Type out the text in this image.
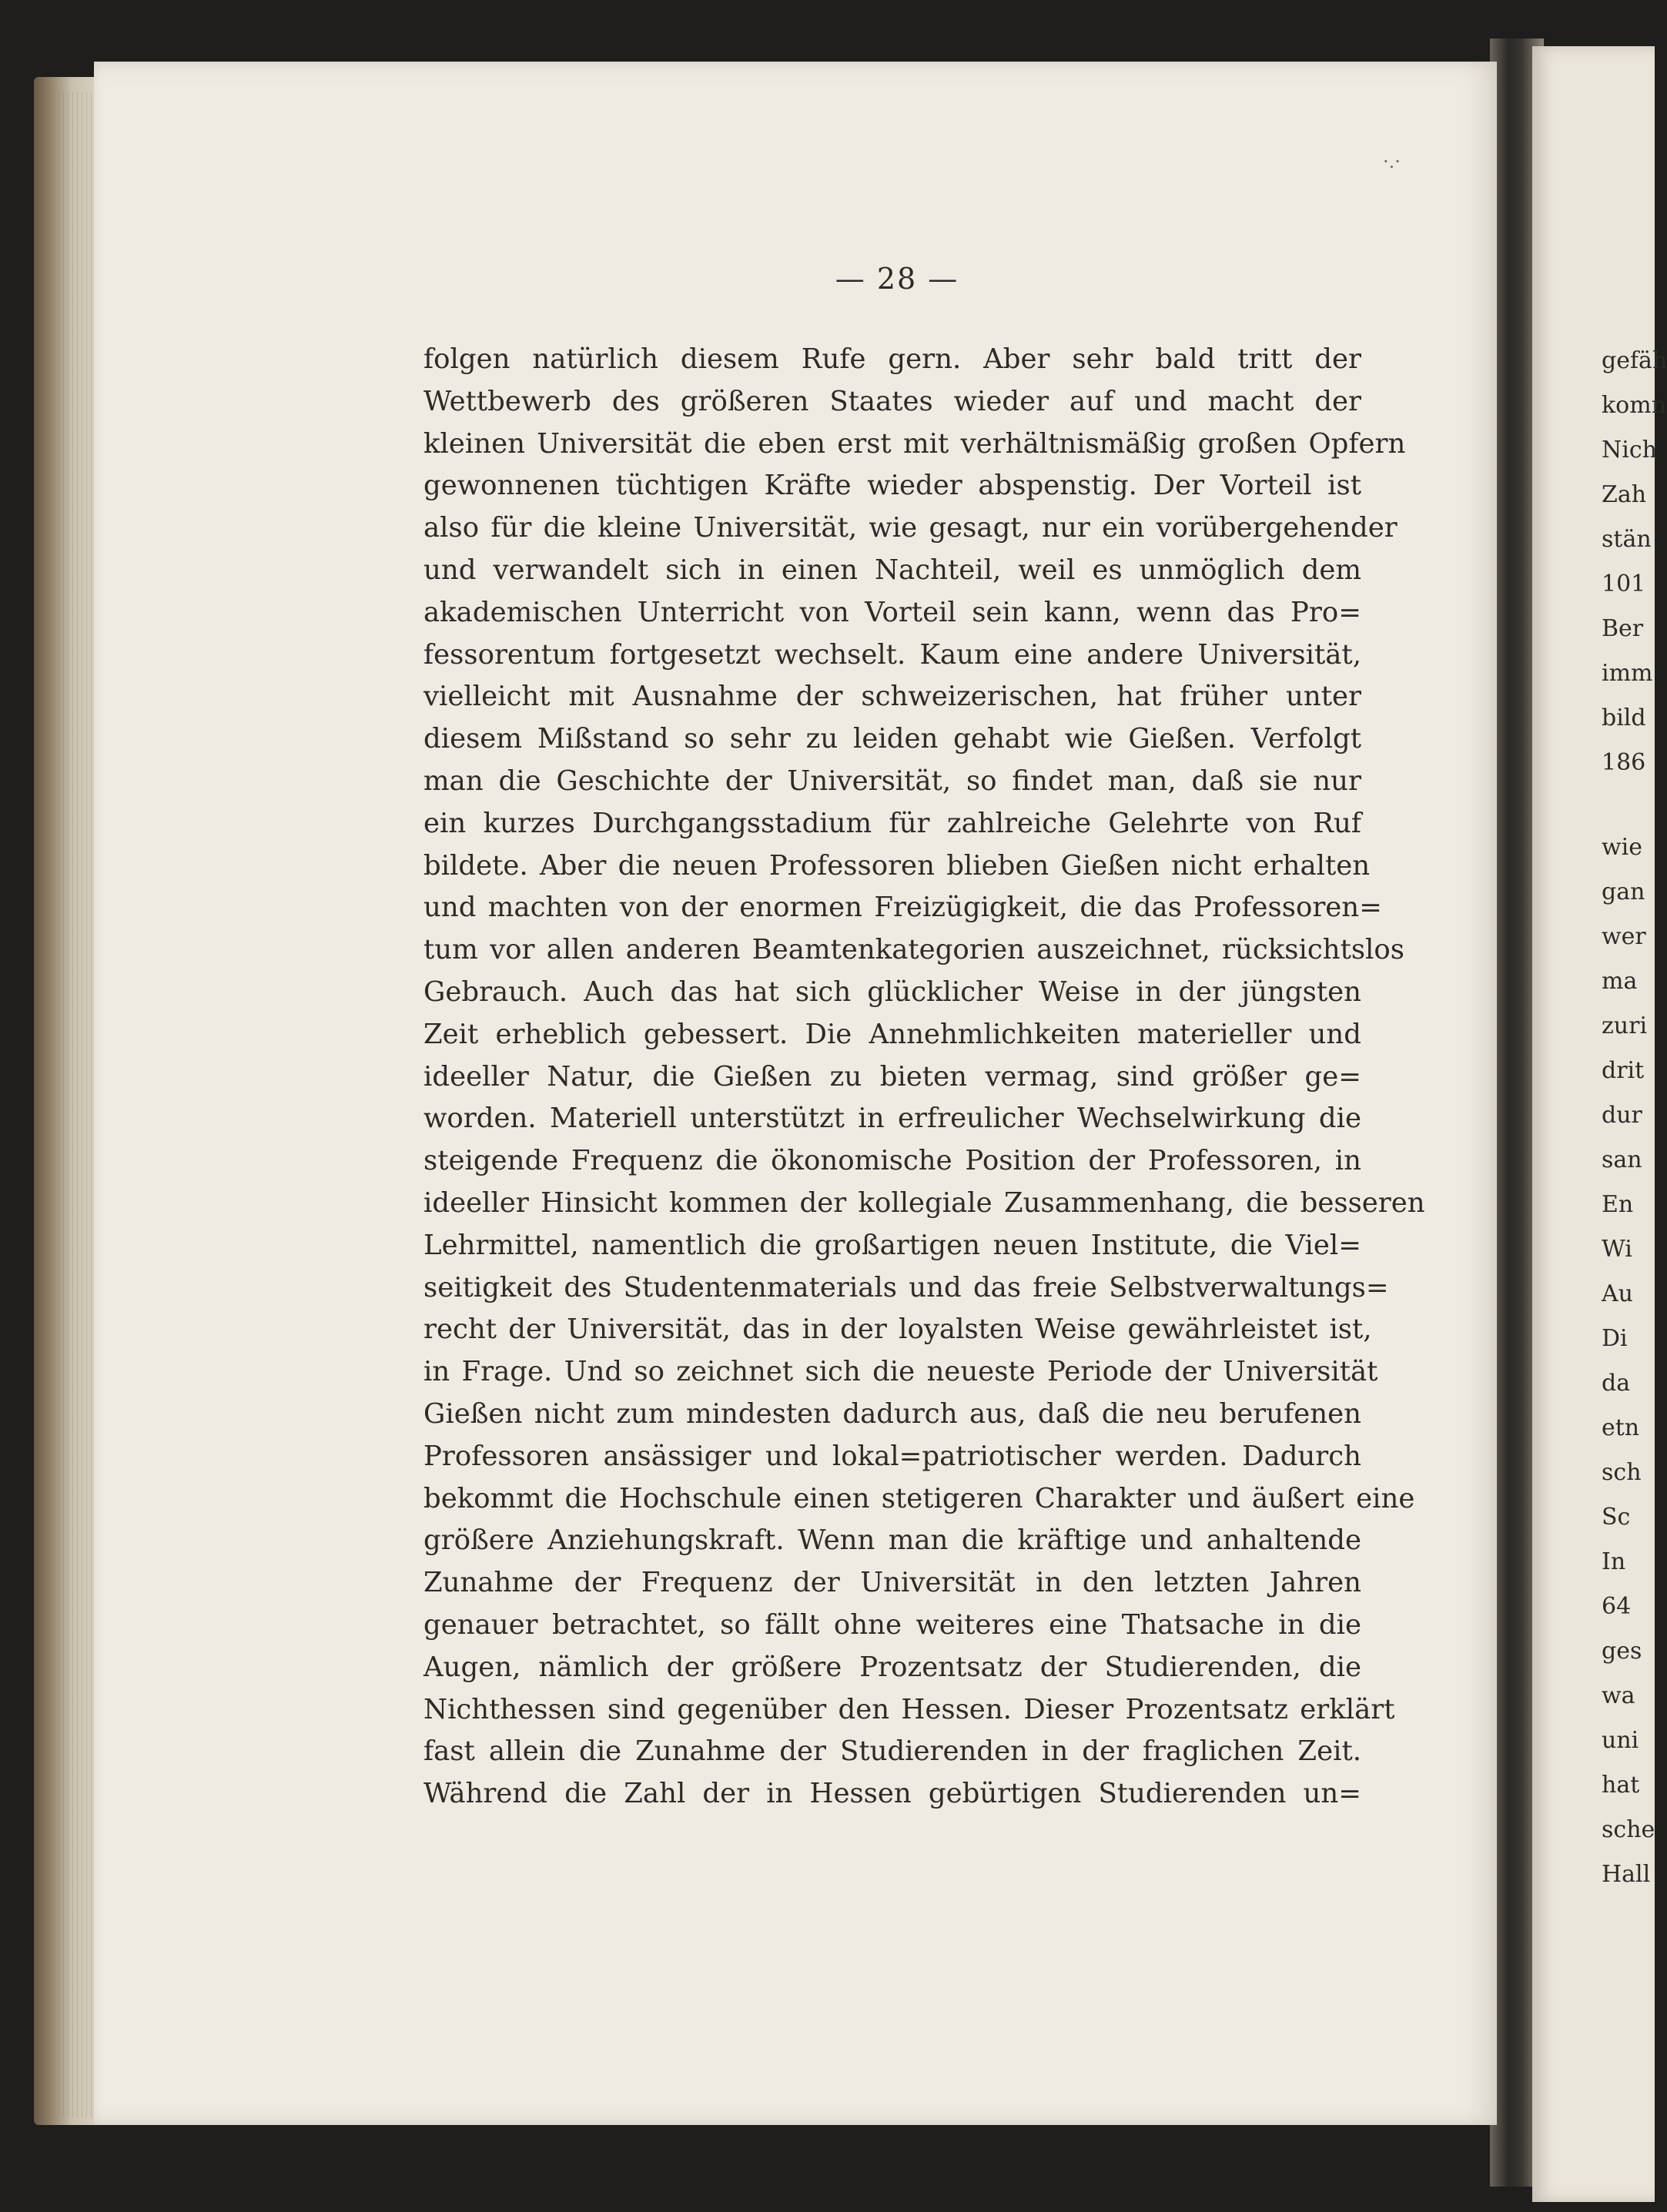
·.·
— 28 —
folgen natürlich diesem Rufe gern. Aber sehr bald tritt der
Wettbewerb des größeren Staates wieder auf und macht der
kleinen Universität die eben erst mit verhältnismäßig großen Opfern
gewonnenen tüchtigen Kräfte wieder abspenstig. Der Vorteil ist
also für die kleine Universität, wie gesagt, nur ein vorübergehender
und verwandelt sich in einen Nachteil, weil es unmöglich dem
akademischen Unterricht von Vorteil sein kann, wenn das Pro=
fessorentum fortgesetzt wechselt. Kaum eine andere Universität,
vielleicht mit Ausnahme der schweizerischen, hat früher unter
diesem Mißstand so sehr zu leiden gehabt wie Gießen. Verfolgt
man die Geschichte der Universität, so findet man, daß sie nur
ein kurzes Durchgangsstadium für zahlreiche Gelehrte von Ruf
bildete. Aber die neuen Professoren blieben Gießen nicht erhalten
und machten von der enormen Freizügigkeit, die das Professoren=
tum vor allen anderen Beamtenkategorien auszeichnet, rücksichtslos
Gebrauch. Auch das hat sich glücklicher Weise in der jüngsten
Zeit erheblich gebessert. Die Annehmlichkeiten materieller und
ideeller Natur, die Gießen zu bieten vermag, sind größer ge=
worden. Materiell unterstützt in erfreulicher Wechselwirkung die
steigende Frequenz die ökonomische Position der Professoren, in
ideeller Hinsicht kommen der kollegiale Zusammenhang, die besseren
Lehrmittel, namentlich die großartigen neuen Institute, die Viel=
seitigkeit des Studentenmaterials und das freie Selbstverwaltungs=
recht der Universität, das in der loyalsten Weise gewährleistet ist,
in Frage. Und so zeichnet sich die neueste Periode der Universität
Gießen nicht zum mindesten dadurch aus, daß die neu berufenen
Professoren ansässiger und lokal=patriotischer werden. Dadurch
bekommt die Hochschule einen stetigeren Charakter und äußert eine
größere Anziehungskraft. Wenn man die kräftige und anhaltende
Zunahme der Frequenz der Universität in den letzten Jahren
genauer betrachtet, so fällt ohne weiteres eine Thatsache in die
Augen, nämlich der größere Prozentsatz der Studierenden, die
Nichthessen sind gegenüber den Hessen. Dieser Prozentsatz erklärt
fast allein die Zunahme der Studierenden in der fraglichen Zeit.
Während die Zahl der in Hessen gebürtigen Studierenden un=
gefäh
komn
Nich
Zah
stän
101
Ber
imm
bild
186
wie
gan
wer
ma
zuri
drit
dur
san
En
Wi
Au
Di
da
etn
sch
Sc
In
64
ges
wa
uni
hat
sche
Hall
